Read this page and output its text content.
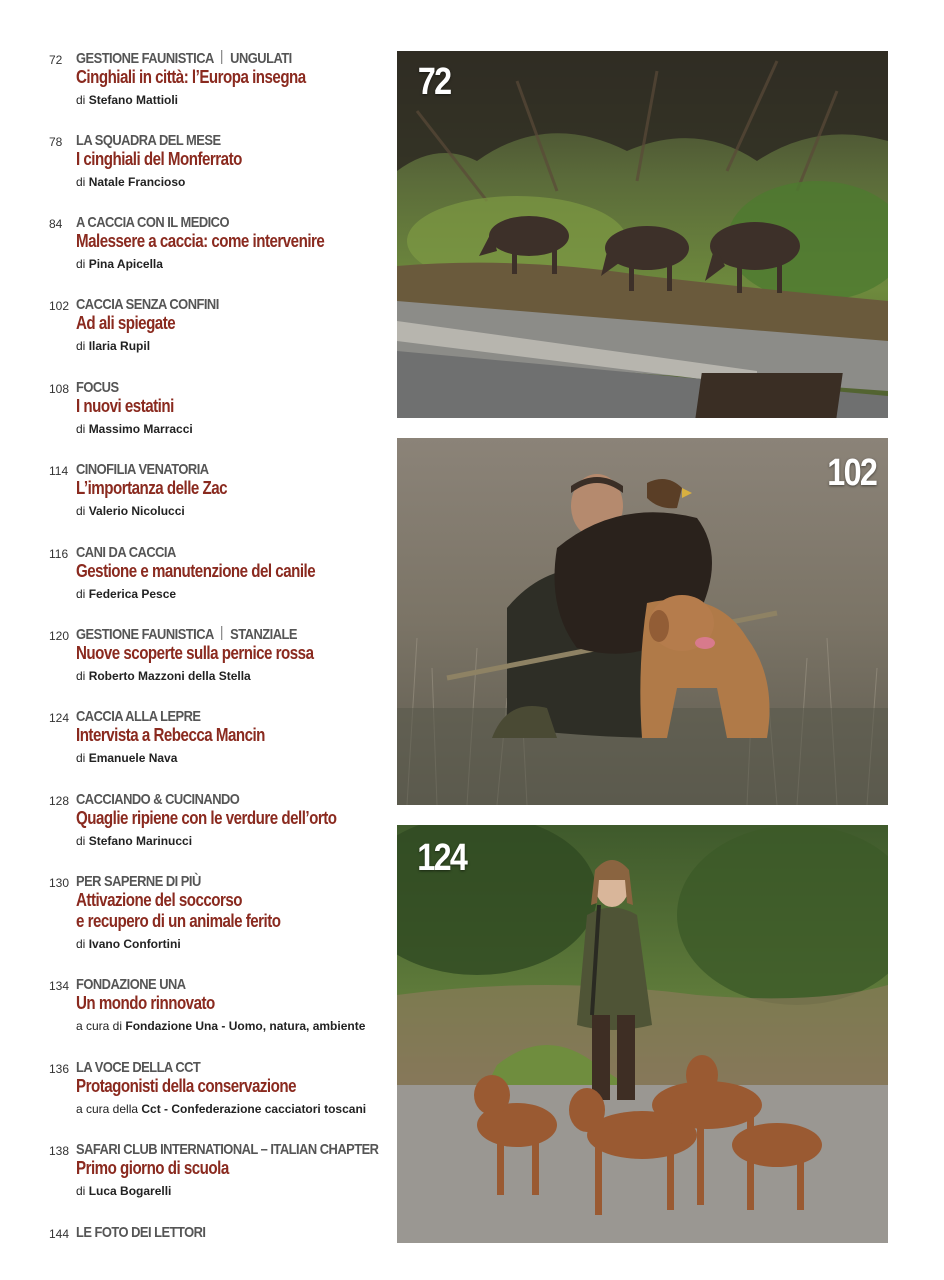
72 GESTIONE FAUNISTICA UNGULATI
Cinghiali in città: l’Europa insegna
di Stefano Mattioli
78 LA SQUADRA DEL MESE
I cinghiali del Monferrato
di Natale Francioso
84 A CACCIA CON IL MEDICO
Malessere a caccia: come intervenire
di Pina Apicella
102 CACCIA SENZA CONFINI
Ad ali spiegate
di Ilaria Rupil
108 FOCUS
I nuovi estatini
di Massimo Marracci
114 CINOFILIA VENATORIA
L’importanza delle Zac
di Valerio Nicolucci
116 CANI DA CACCIA
Gestione e manutenzione del canile
di Federica Pesce
120 GESTIONE FAUNISTICA STANZIALE
Nuove scoperte sulla pernice rossa
di Roberto Mazzoni della Stella
124 CACCIA ALLA LEPRE
Intervista a Rebecca Mancin
di Emanuele Nava
128 CACCIANDO & CUCINANDO
Quaglie ripiene con le verdure dell’orto
di Stefano Marinucci
130 PER SAPERNE DI PIÙ
Attivazione del soccorso
e recupero di un animale ferito
di Ivano Confortini
134 FONDAZIONE UNA
Un mondo rinnovato
a cura di Fondazione Una - Uomo, natura, ambiente
136 LA VOCE DELLA CCT
Protagonisti della conservazione
a cura della Cct - Confederazione cacciatori toscani
138 SAFARI CLUB INTERNATIONAL – ITALIAN CHAPTER
Primo giorno di scuola
di Luca Bogarelli
144 LE FOTO DEI LETTORI
72
102
124
